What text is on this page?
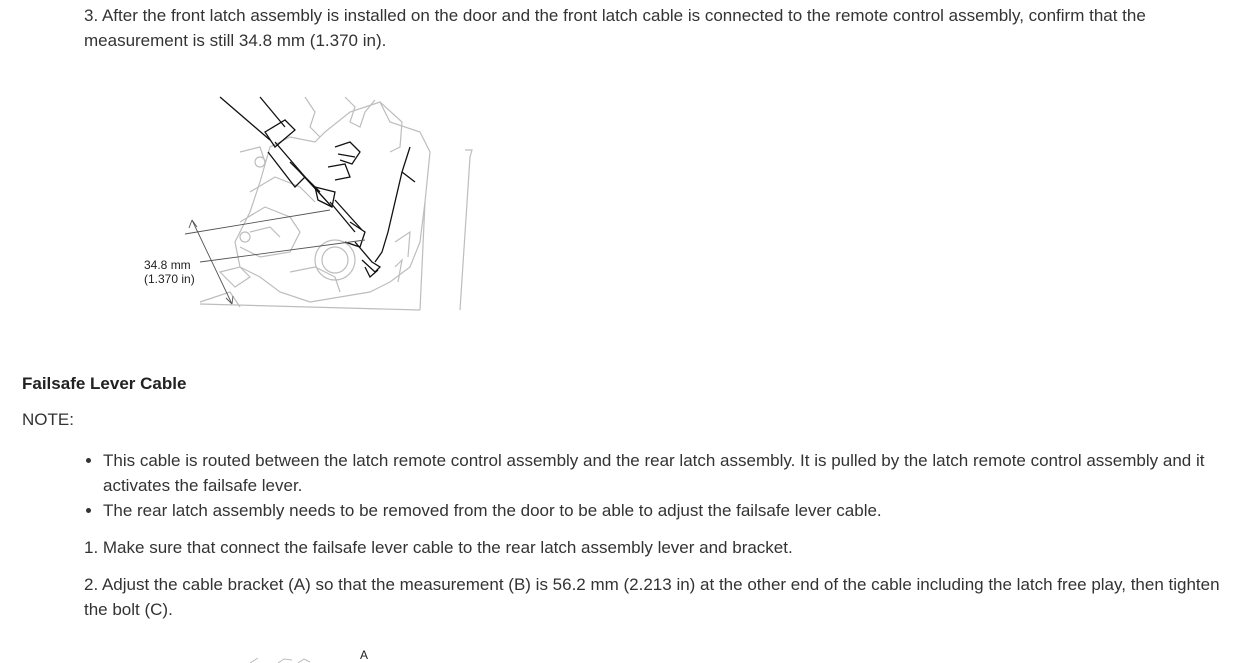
3. After the front latch assembly is installed on the door and the front latch cable is connected to the remote control assembly, confirm that the measurement is still 34.8 mm (1.370 in).

34.8 mm
(1.370 in)
Failsafe Lever Cable
NOTE:
• This cable is routed between the latch remote control assembly and the rear latch assembly. It is pulled by the latch remote control assembly and it activates the failsafe lever.
• The rear latch assembly needs to be removed from the door to be able to adjust the failsafe lever cable.

1. Make sure that connect the failsafe lever cable to the rear latch assembly lever and bracket.

2. Adjust the cable bracket (A) so that the measurement (B) is 56.2 mm (2.213 in) at the other end of the cable including the latch free play, then tighten the bolt (C).

A
